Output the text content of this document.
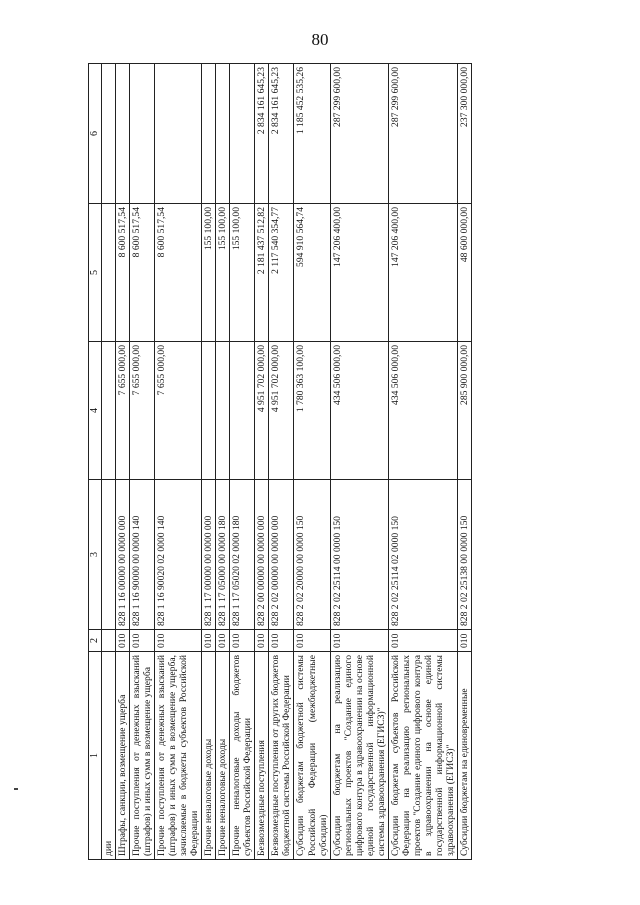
80
1	2	3	4	5	6
дии					
Штрафы, санкции, возмещение ущерба	010	828 1 16 00000 00 0000 000	7 655 000,00	8 600 517,54	
Прочие поступления от денежных взысканий (штрафов) и иных сумм в возмещение ущерба	010	828 1 16 90000 00 0000 140	7 655 000,00	8 600 517,54	
Прочие поступления от денежных взысканий (штрафов) и иных сумм в возмещение ущерба, зачисляемые в бюджеты субъектов Российской Федерации	010	828 1 16 90020 02 0000 140	7 655 000,00	8 600 517,54	
Прочие неналоговые доходы	010	828 1 17 00000 00 0000 000		155 100,00	
Прочие неналоговые доходы	010	828 1 17 05000 00 0000 180		155 100,00	
Прочие неналоговые доходы бюджетов субъектов Российской Федерации	010	828 1 17 05020 02 0000 180		155 100,00	
Безвозмездные поступления	010	828 2 00 00000 00 0000 000	4 951 702 000,00	2 181 437 512,82	2 834 161 645,23
Безвозмездные поступления от других бюджетов бюджетной системы Российской Федерации	010	828 2 02 00000 00 0000 000	4 951 702 000,00	2 117 540 354,77	2 834 161 645,23
Субсидии бюджетам бюджетной системы Российской Федерации (межбюджетные субсидии)	010	828 2 02 20000 00 0000 150	1 780 363 100,00	594 910 564,74	1 185 452 535,26
Субсидии бюджетам на реализацию региональных проектов "Создание единого цифрового контура в здравоохранении на основе единой государственной информационной системы здравоохранения (ЕГИСЗ)"	010	828 2 02 25114 00 0000 150	434 506 000,00	147 206 400,00	287 299 600,00
Субсидии бюджетам субъектов Российской Федерации на реализацию региональных проектов "Создание единого цифрового контура в здравоохранении на основе единой государственной информационной системы здравоохранения (ЕГИСЗ)"	010	828 2 02 25114 02 0000 150	434 506 000,00	147 206 400,00	287 299 600,00
Субсидии бюджетам на единовременные	010	828 2 02 25138 00 0000 150	285 900 000,00	48 600 000,00	237 300 000,00
